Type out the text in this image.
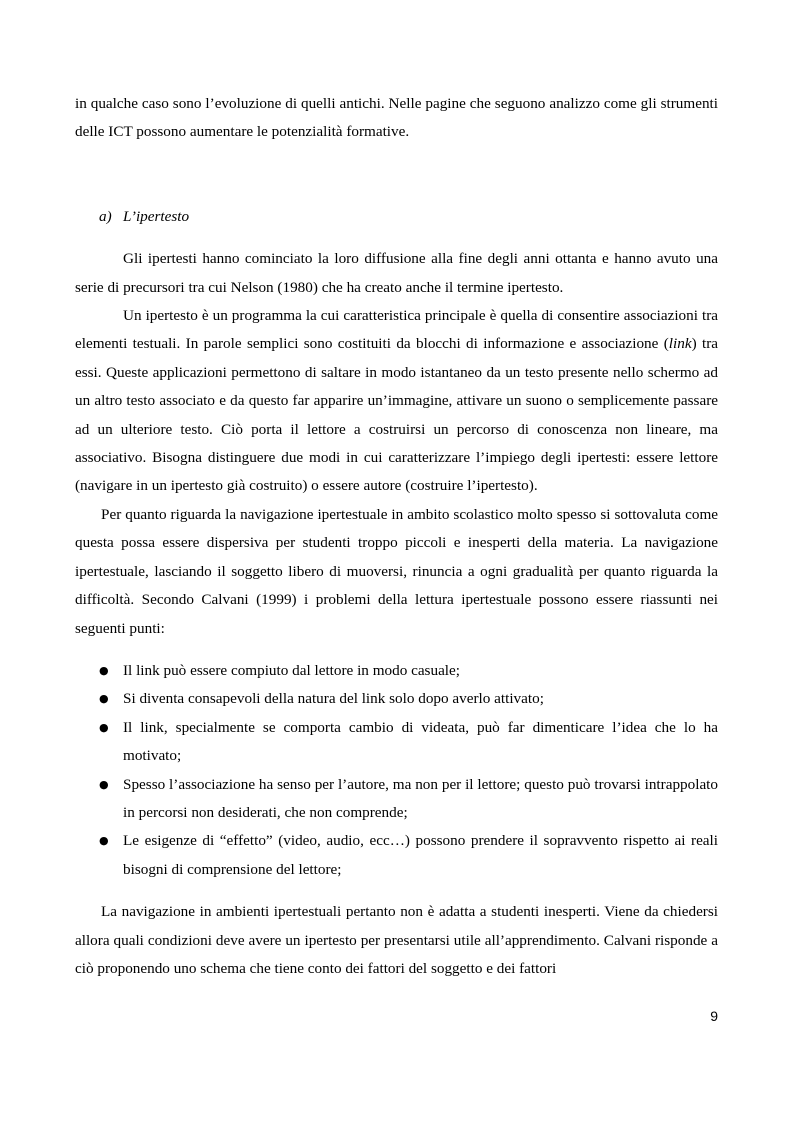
in qualche caso sono l’evoluzione di quelli antichi. Nelle pagine che seguono analizzo come gli strumenti delle ICT possono aumentare le potenzialità formative.

a) L’ipertesto

Gli ipertesti hanno cominciato la loro diffusione alla fine degli anni ottanta e hanno avuto una serie di precursori tra cui Nelson (1980) che ha creato anche il termine ipertesto.

Un ipertesto è un programma la cui caratteristica principale è quella di consentire associazioni tra elementi testuali. In parole semplici sono costituiti da blocchi di informazione e associazione (link) tra essi. Queste applicazioni permettono di saltare in modo istantaneo da un testo presente nello schermo ad un altro testo associato e da questo far apparire un’immagine, attivare un suono o semplicemente passare ad un ulteriore testo. Ciò porta il lettore a costruirsi un percorso di conoscenza non lineare, ma associativo. Bisogna distinguere due modi in cui caratterizzare l’impiego degli ipertesti: essere lettore (navigare in un ipertesto già costruito) o essere autore (costruire l’ipertesto).

Per quanto riguarda la navigazione ipertestuale in ambito scolastico molto spesso si sottovaluta come questa possa essere dispersiva per studenti troppo piccoli e inesperti della materia. La navigazione ipertestuale, lasciando il soggetto libero di muoversi, rinuncia a ogni gradualità per quanto riguarda la difficoltà. Secondo Calvani (1999) i problemi della lettura ipertestuale possono essere riassunti nei seguenti punti:

● Il link può essere compiuto dal lettore in modo casuale;
● Si diventa consapevoli della natura del link solo dopo averlo attivato;
● Il link, specialmente se comporta cambio di videata, può far dimenticare l’idea che lo ha motivato;
● Spesso l’associazione ha senso per l’autore, ma non per il lettore; questo può trovarsi intrappolato in percorsi non desiderati, che non comprende;
● Le esigenze di “effetto” (video, audio, ecc…) possono prendere il sopravvento rispetto ai reali bisogni di comprensione del lettore;

La navigazione in ambienti ipertestuali pertanto non è adatta a studenti inesperti. Viene da chiedersi allora quali condizioni deve avere un ipertesto per presentarsi utile all’apprendimento. Calvani risponde a ciò proponendo uno schema che tiene conto dei fattori del soggetto e dei fattori

9
